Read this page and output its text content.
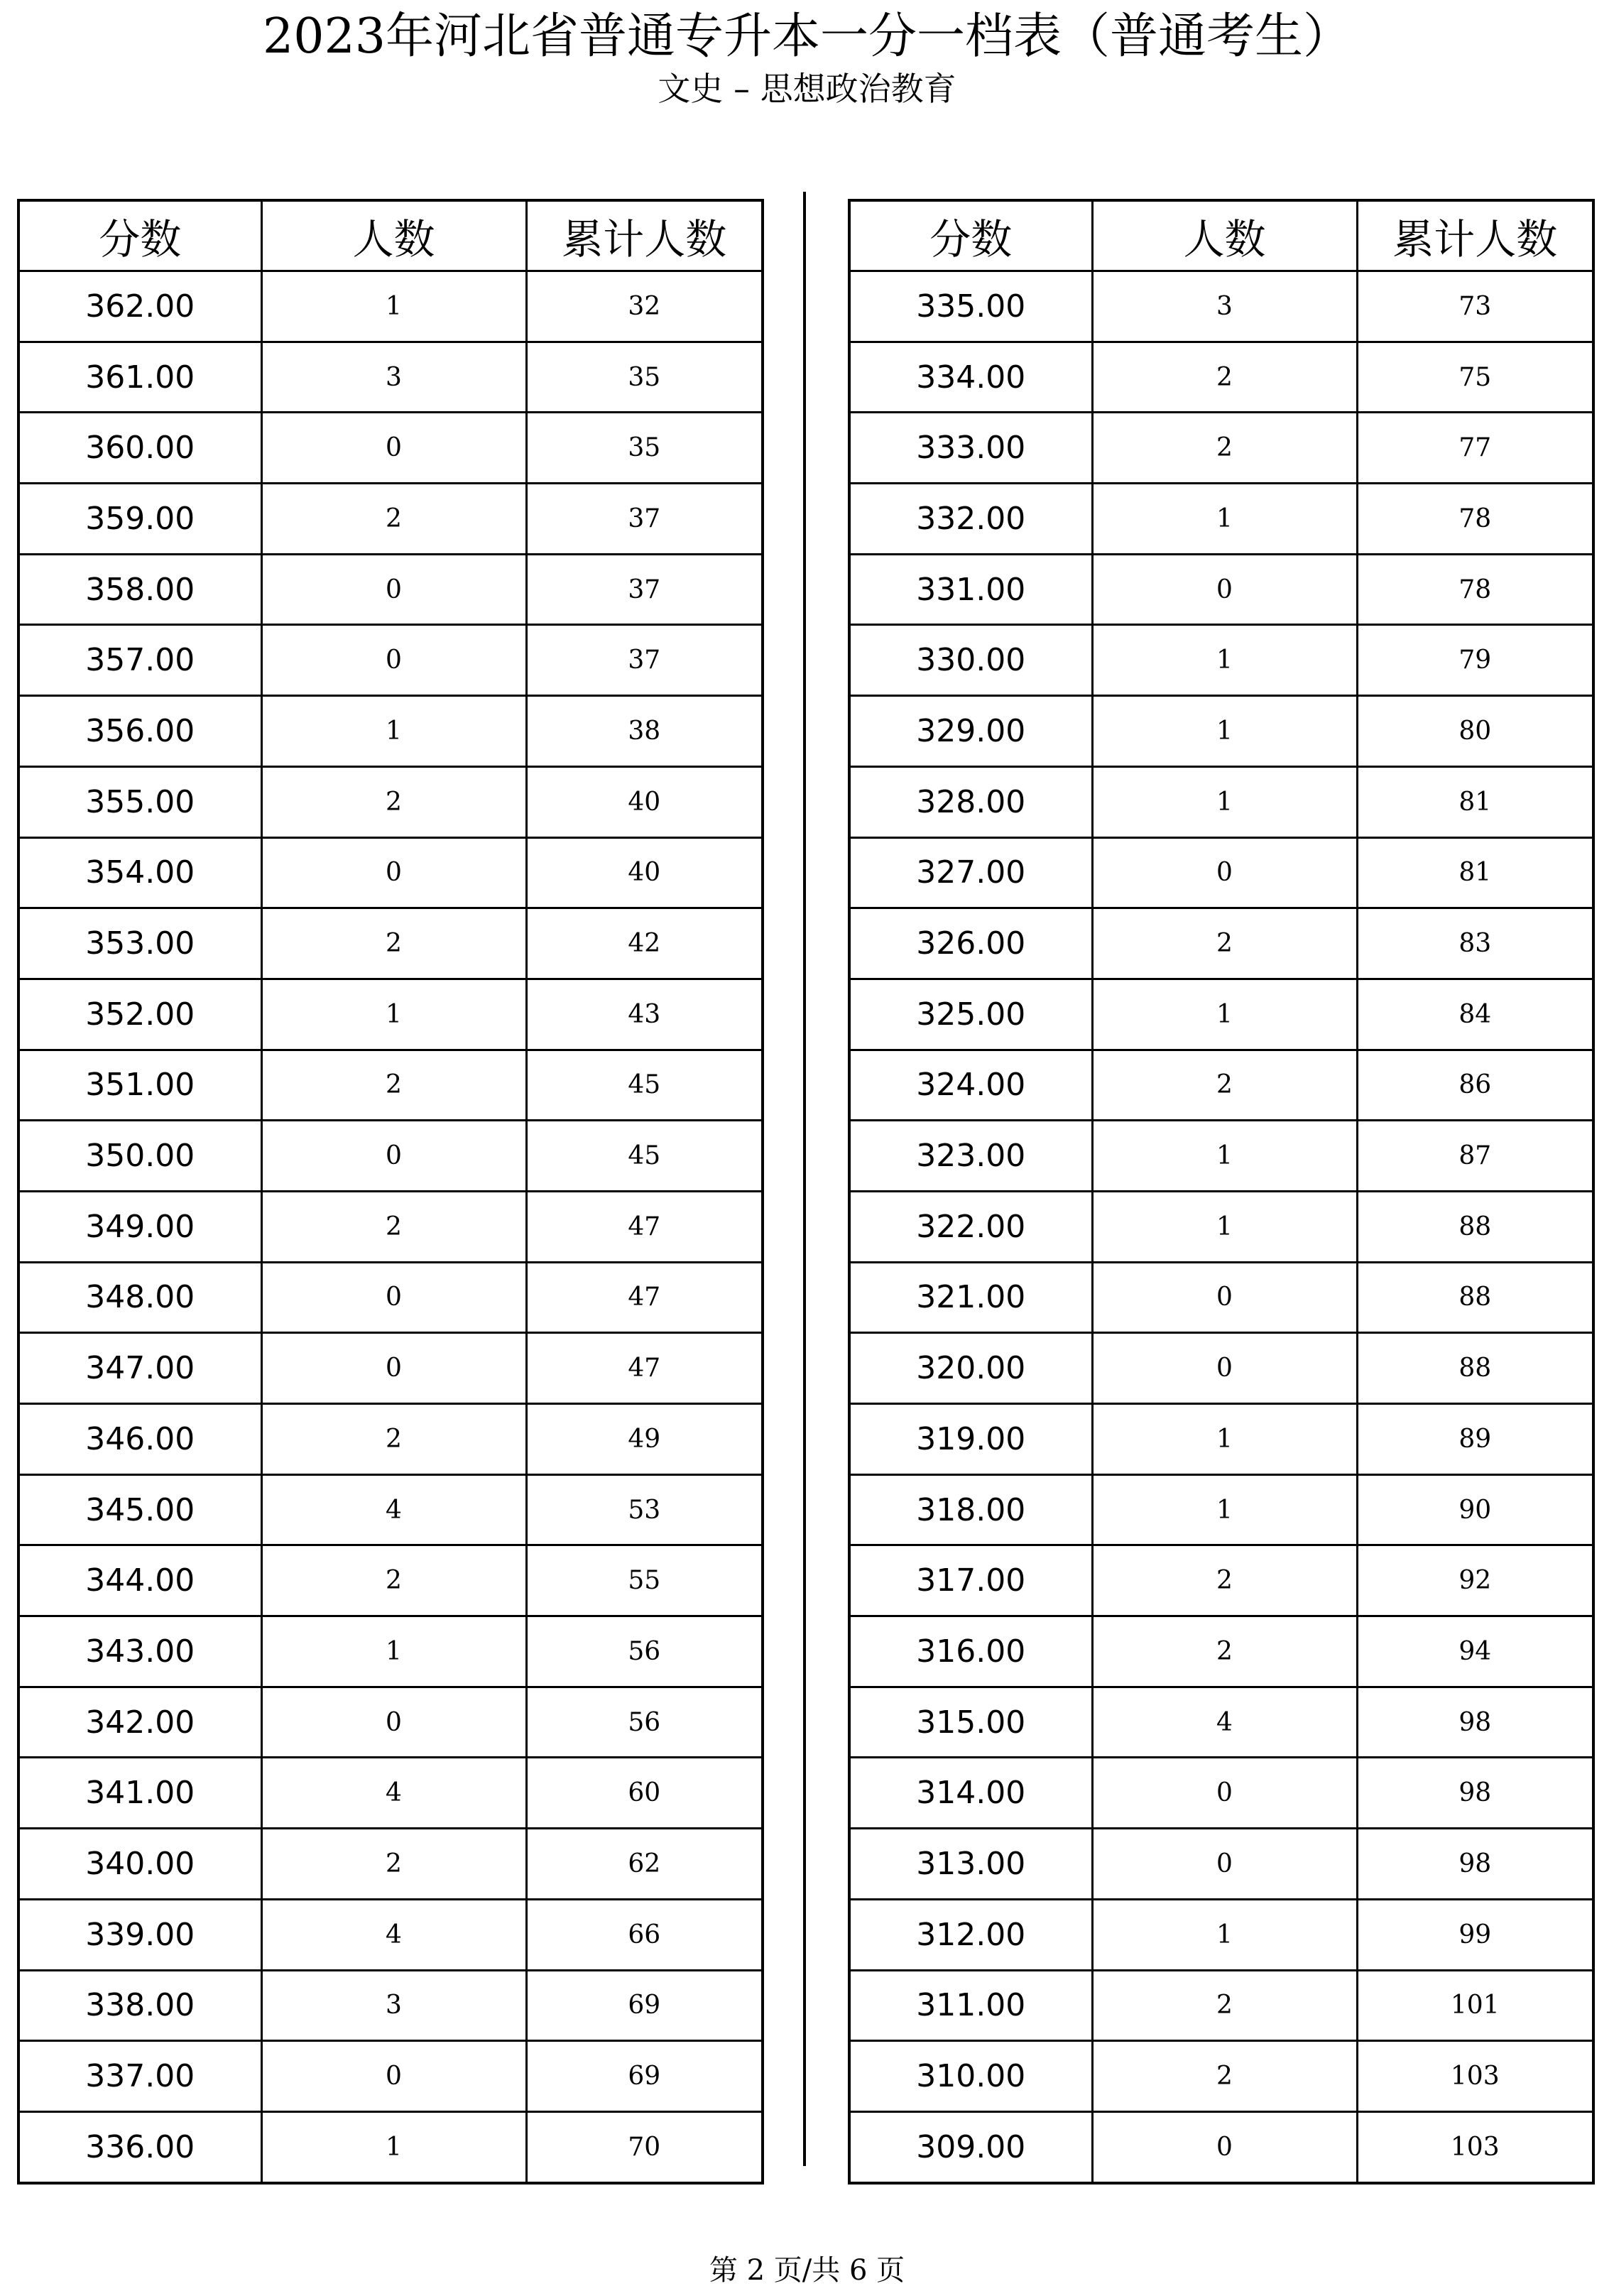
2023年河北省普通专升本一分一档表（普通考生）
文史 – 思想政治教育
分数	人数	累计人数
362.00	1	32
361.00	3	35
360.00	0	35
359.00	2	37
358.00	0	37
357.00	0	37
356.00	1	38
355.00	2	40
354.00	0	40
353.00	2	42
352.00	1	43
351.00	2	45
350.00	0	45
349.00	2	47
348.00	0	47
347.00	0	47
346.00	2	49
345.00	4	53
344.00	2	55
343.00	1	56
342.00	0	56
341.00	4	60
340.00	2	62
339.00	4	66
338.00	3	69
337.00	0	69
336.00	1	70
分数	人数	累计人数
335.00	3	73
334.00	2	75
333.00	2	77
332.00	1	78
331.00	0	78
330.00	1	79
329.00	1	80
328.00	1	81
327.00	0	81
326.00	2	83
325.00	1	84
324.00	2	86
323.00	1	87
322.00	1	88
321.00	0	88
320.00	0	88
319.00	1	89
318.00	1	90
317.00	2	92
316.00	2	94
315.00	4	98
314.00	0	98
313.00	0	98
312.00	1	99
311.00	2	101
310.00	2	103
309.00	0	103
第 2 页/共 6 页
